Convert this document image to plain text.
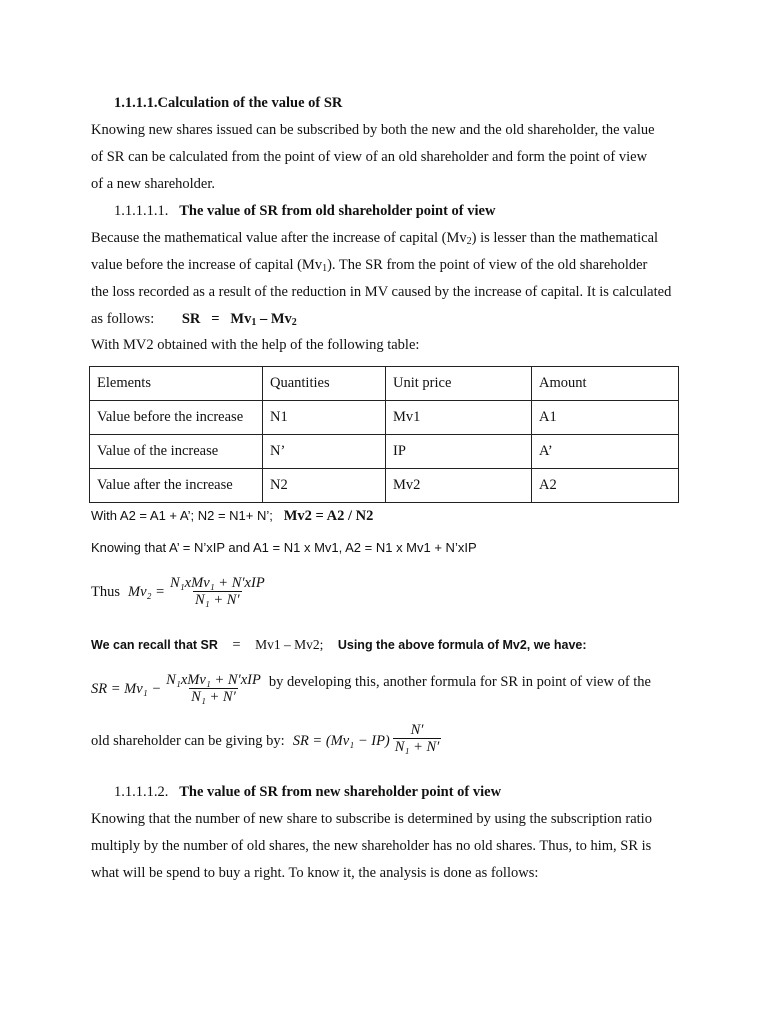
1.1.1.1.Calculation of the value of SR
Knowing new shares issued can be subscribed by both the new and the old shareholder, the value
of SR can be calculated from the point of view of an old shareholder and form the point of view
of a new shareholder.
1.1.1.1.1. The value of SR from old shareholder point of view
Because the mathematical value after the increase of capital $(Mv_2)$ is lesser than the mathematical
value before the increase of capital $(Mv_1)$. The SR from the point of view of the old shareholder
the loss recorded as a result of the reduction in MV caused by the increase of capital. It is calculated
as follows: SR = $Mv_1 - Mv_2$
With MV2 obtained with the help of the following table:
Elements	Quantities	Unit price	Amount
Value before the increase	N1	Mv1	A1
Value of the increase	N’	IP	A’
Value after the increase	N2	Mv2	A2
With A2 = A1 + A’; N2 = N1+ N’; Mv2 = A2 / N2
Knowing that A’ = N’xIP and A1 = N1 x Mv1, A2 = N1 x Mv1 + N’xIP
Thus $Mv_2 = \frac{\text{N₁xMv₁ + N′xIP}}{\text{N₁ + N′}}$
We can recall that SR = Mv1 – Mv2; Using the above formula of Mv2, we have:
SR = $Mv_1 - \frac{\text{N₁xMv₁ + N′xIP}}{\text{N₁ + N′}}$ by developing this, another formula for SR in point of view of the
old shareholder can be giving by: SR = $(Mv_1 - IP) \frac{N'}{\text{N₁ + N′}}$
1.1.1.1.2. The value of SR from new shareholder point of view
Knowing that the number of new share to subscribe is determined by using the subscription ratio
multiply by the number of old shares, the new shareholder has no old shares. Thus, to him, SR is
what will be spend to buy a right. To know it, the analysis is done as follows:
